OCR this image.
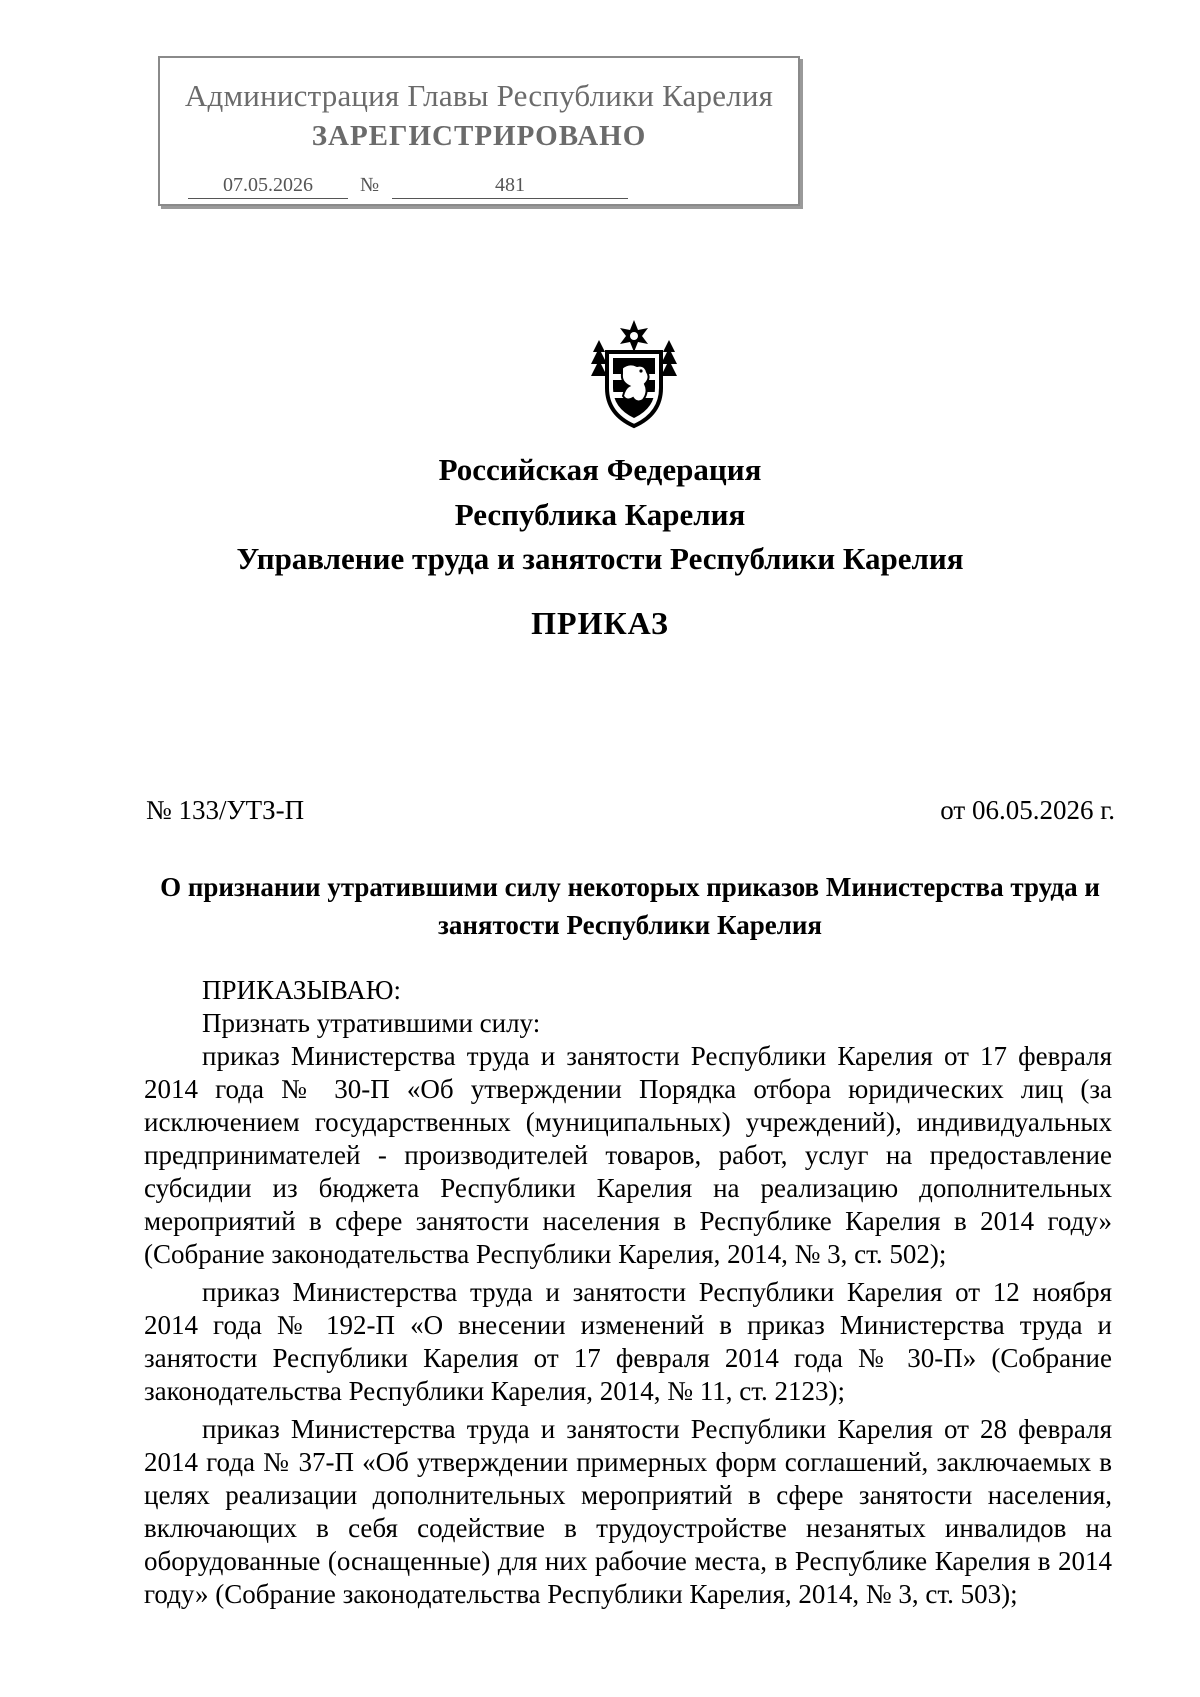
Администрация Главы Республики Карелия
ЗАРЕГИСТРИРОВАНО
07.05.2026	№	481
Российская Федерация
Республика Карелия
Управление труда и занятости Республики Карелия
ПРИКАЗ
№ 133/УТЗ-П	от 06.05.2026 г.
О признании утратившими силу некоторых приказов Министерства труда и занятости Республики Карелия

ПРИКАЗЫВАЮ:

Признать утратившими силу:

приказ Министерства труда и занятости Республики Карелия от 17 февраля 2014 года № 30-П «Об утверждении Порядка отбора юридических лиц (за исключением государственных (муниципальных) учреждений), индивидуальных предпринимателей - производителей товаров, работ, услуг на предоставление субсидии из бюджета Республики Карелия на реализацию дополнительных мероприятий в сфере занятости населения в Республике Карелия в 2014 году» (Собрание законодательства Республики Карелия, 2014, № 3, ст. 502);

приказ Министерства труда и занятости Республики Карелия от 12 ноября 2014 года № 192-П «О внесении изменений в приказ Министерства труда и занятости Республики Карелия от 17 февраля 2014 года № 30-П» (Собрание законодательства Республики Карелия, 2014, № 11, ст. 2123);

приказ Министерства труда и занятости Республики Карелия от 28 февраля 2014 года № 37-П «Об утверждении примерных форм соглашений, заключаемых в целях реализации дополнительных мероприятий в сфере занятости населения, включающих в себя содействие в трудоустройстве незанятых инвалидов на оборудованные (оснащенные) для них рабочие места, в Республике Карелия в 2014 году» (Собрание законодательства Республики Карелия, 2014, № 3, ст. 503);
